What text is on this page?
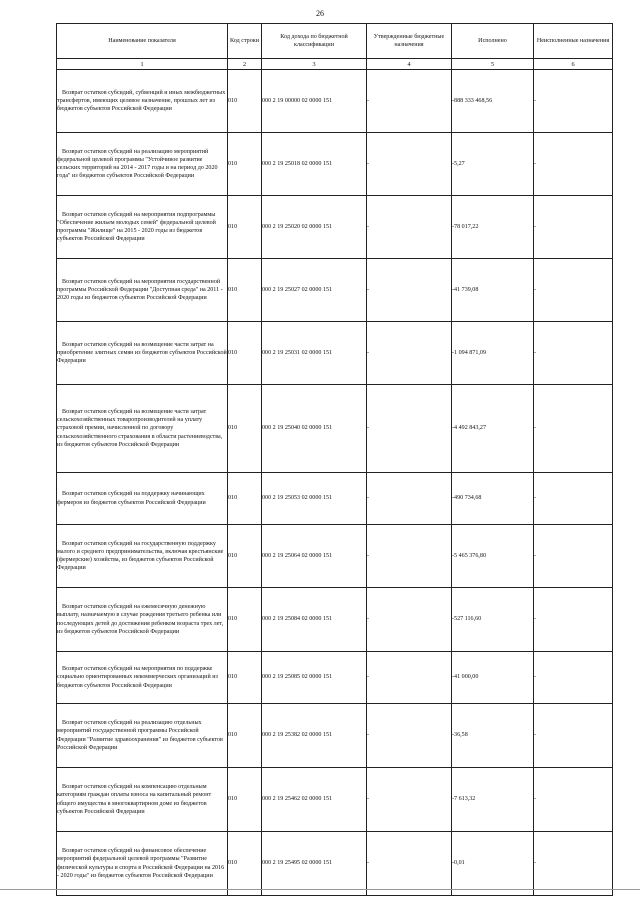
26
Наименование показателя	Код строки	Код дохода по бюджетной классификации	Утвержденные бюджетные назначения	Исполнено	Неисполненные назначения
1	2	3	4	5	6

Возврат остатков субсидий, субвенций и иных межбюджетных трансфертов, имеющих целевое назначение, прошлых лет из бюджетов субъектов Российской Федерации	010	000 2 19 00000 02 0000 151	-	-888 333 468,56	-

Возврат остатков субсидий на реализацию мероприятий федеральной целевой программы "Устойчивое развитие сельских территорий на 2014 - 2017 годы и на период до 2020 года" из бюджетов субъектов Российской Федерации	010	000 2 19 25018 02 0000 151	-	-5,27	-

Возврат остатков субсидий на мероприятия подпрограммы "Обеспечение жильем молодых семей" федеральной целевой программы "Жилище" на 2015 - 2020 годы из бюджетов субъектов Российской Федерации	010	000 2 19 25020 02 0000 151	-	-78 017,22	-

Возврат остатков субсидий на мероприятия государственной программы Российской Федерации "Доступная среда" на 2011 - 2020 годы из бюджетов субъектов Российской Федерации	010	000 2 19 25027 02 0000 151	-	-41 739,08	-

Возврат остатков субсидий на возмещение части затрат на приобретение элитных семян из бюджетов субъектов Российской Федерации	010	000 2 19 25031 02 0000 151	-	-1 094 871,09	-

Возврат остатков субсидий на возмещение части затрат сельскохозяйственных товаропроизводителей на уплату страховой премии, начисленной по договору сельскохозяйственного страхования в области растениеводства, из бюджетов субъектов Российской Федерации	010	000 2 19 25040 02 0000 151	-	-4 492 843,27	-

Возврат остатков субсидий на поддержку начинающих фермеров из бюджетов субъектов Российской Федерации	010	000 2 19 25053 02 0000 151	-	-490 734,68	-

Возврат остатков субсидий на государственную поддержку малого и среднего предпринимательства, включая крестьянские (фермерские) хозяйства, из бюджетов субъектов Российской Федерации	010	000 2 19 25064 02 0000 151	-	-5 465 376,80	-

Возврат остатков субсидий на ежемесячную денежную выплату, назначаемую в случае рождения третьего ребенка или последующих детей до достижения ребенком возраста трех лет, из бюджетов субъектов Российской Федерации	010	000 2 19 25084 02 0000 151	-	-527 116,60	-

Возврат остатков субсидий на мероприятия по поддержке социально ориентированных некоммерческих организаций из бюджетов субъектов Российской Федерации	010	000 2 19 25085 02 0000 151	-	-41 000,00	-

Возврат остатков субсидий на реализацию отдельных мероприятий государственной программы Российской Федерации "Развитие здравоохранения" из бюджетов субъектов Российской Федерации	010	000 2 19 25382 02 0000 151	-	-36,58	-

Возврат остатков субсидий на компенсацию отдельным категориям граждан оплаты взноса на капитальный ремонт общего имущества в многоквартирном доме из бюджетов субъектов Российской Федерации	010	000 2 19 25462 02 0000 151	-	-7 613,32	-

Возврат остатков субсидий на финансовое обеспечение мероприятий федеральной целевой программы "Развитие физической культуры и спорта в Российской Федерации на 2016 - 2020 годы" из бюджетов субъектов Российской Федерации	010	000 2 19 25495 02 0000 151	-	-0,01	-
